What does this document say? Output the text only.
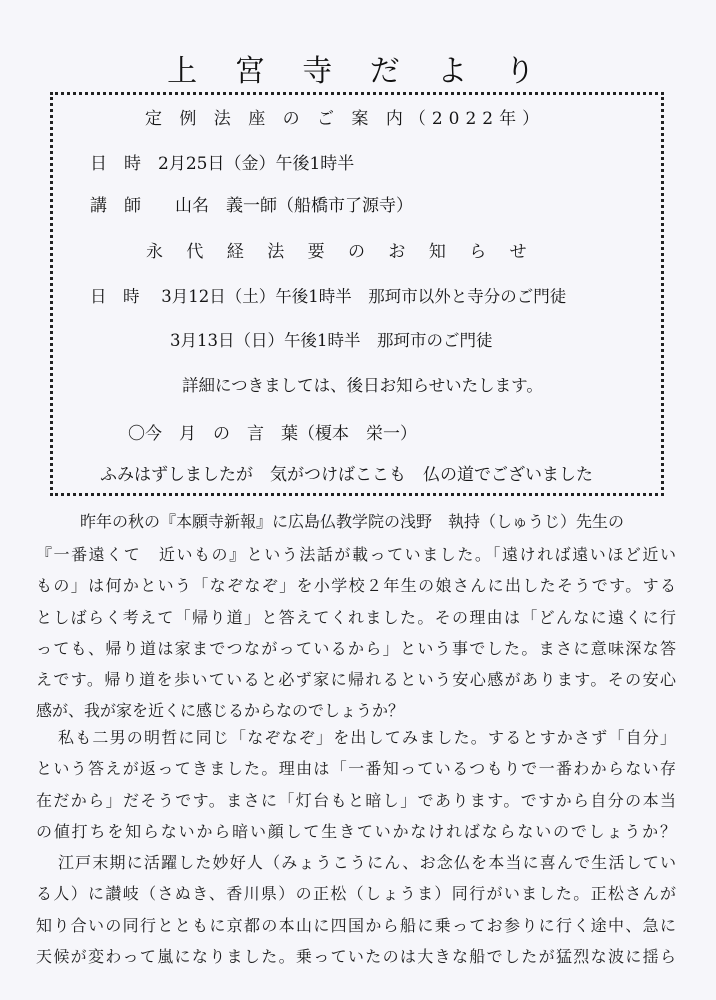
上 宮 寺 だ よ り
定 例 法 座 の ご 案 内（2022年）
日　時　2月25日（金）午後1時半
講　師　　山名　義一師（船橋市了源寺）
永 代 経 法 要 の お 知 ら せ
日　時　 3月12日（土）午後1時半　那珂市以外と寺分のご門徒
3月13日（日）午後1時半　那珂市のご門徒
詳細につきましては、後日お知らせいたします。
〇今　月　の　言　葉（榎本　栄一）
ふみはずしましたが　気がつけばここも　仏の道でございました
昨年の秋の『本願寺新報』に広島仏教学院の浅野　執持（しゅうじ）先生の
『一番遠くて　近いもの』という法話が載っていました。「遠ければ遠いほど近い
もの」は何かという「なぞなぞ」を小学校２年生の娘さんに出したそうです。する
としばらく考えて「帰り道」と答えてくれました。その理由は「どんなに遠くに行
っても、帰り道は家までつながっているから」という事でした。まさに意味深な答
えです。帰り道を歩いていると必ず家に帰れるという安心感があります。その安心
感が、我が家を近くに感じるからなのでしょうか？
私も二男の明哲に同じ「なぞなぞ」を出してみました。するとすかさず「自分」
という答えが返ってきました。理由は「一番知っているつもりで一番わからない存
在だから」だそうです。まさに「灯台もと暗し」であります。ですから自分の本当
の値打ちを知らないから暗い顔して生きていかなければならないのでしょうか？
江戸末期に活躍した妙好人（みょうこうにん、お念仏を本当に喜んで生活してい
る人）に讃岐（さぬき、香川県）の正松（しょうま）同行がいました。正松さんが
知り合いの同行とともに京都の本山に四国から船に乗ってお参りに行く途中、急に
天候が変わって嵐になりました。乗っていたのは大きな船でしたが猛烈な波に揺ら
